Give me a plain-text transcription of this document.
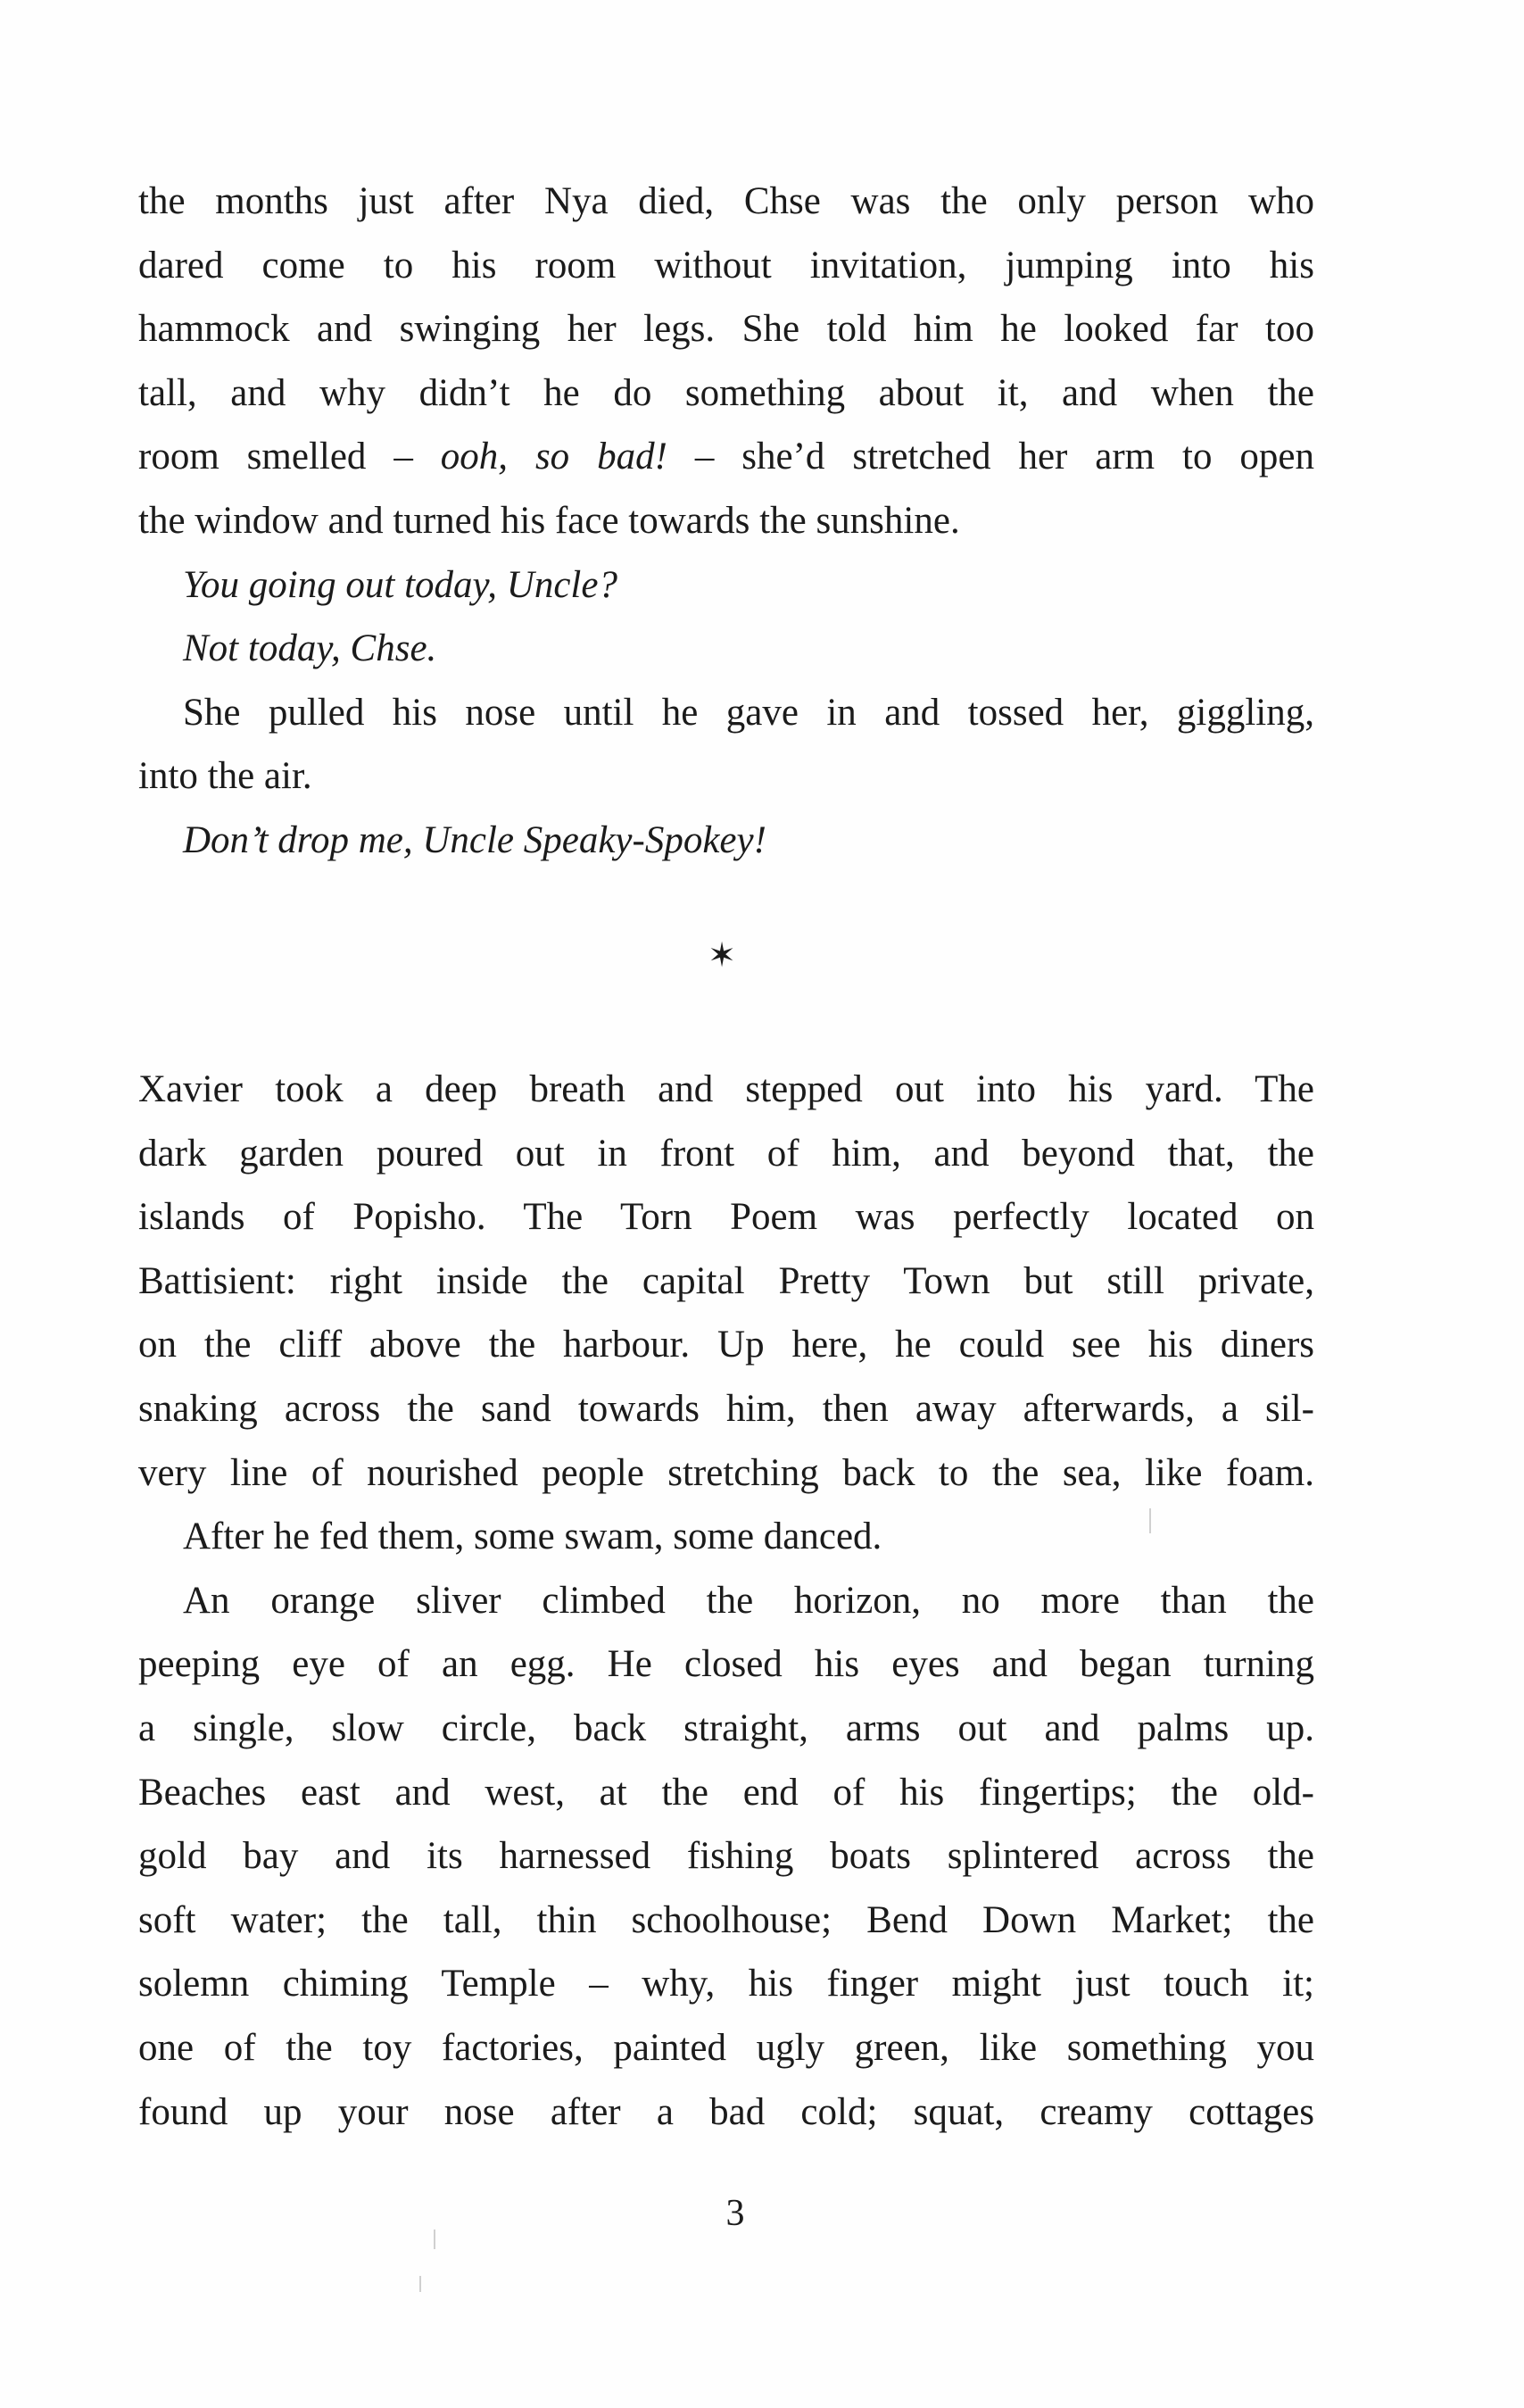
the months just after Nya died, Chse was the only person who
dared come to his room without invitation, jumping into his
hammock and swinging her legs. She told him he looked far too
tall, and why didn’t he do something about it, and when the
room smelled – ooh, so bad! – she’d stretched her arm to open
the window and turned his face towards the sunshine.
You going out today, Uncle?
Not today, Chse.
She pulled his nose until he gave in and tossed her, giggling,
into the air.
Don’t drop me, Uncle Speaky-Spokey!
✶
Xavier took a deep breath and stepped out into his yard. The
dark garden poured out in front of him, and beyond that, the
islands of Popisho. The Torn Poem was perfectly located on
Battisient: right inside the capital Pretty Town but still private,
on the cliff above the harbour. Up here, he could see his diners
snaking across the sand towards him, then away afterwards, a sil-
very line of nourished people stretching back to the sea, like foam.
After he fed them, some swam, some danced.
An orange sliver climbed the horizon, no more than the
peeping eye of an egg. He closed his eyes and began turning
a single, slow circle, back straight, arms out and palms up.
Beaches east and west, at the end of his fingertips; the old-
gold bay and its harnessed fishing boats splintered across the
soft water; the tall, thin schoolhouse; Bend Down Market; the
solemn chiming Temple – why, his finger might just touch it;
one of the toy factories, painted ugly green, like something you
found up your nose after a bad cold; squat, creamy cottages
3
